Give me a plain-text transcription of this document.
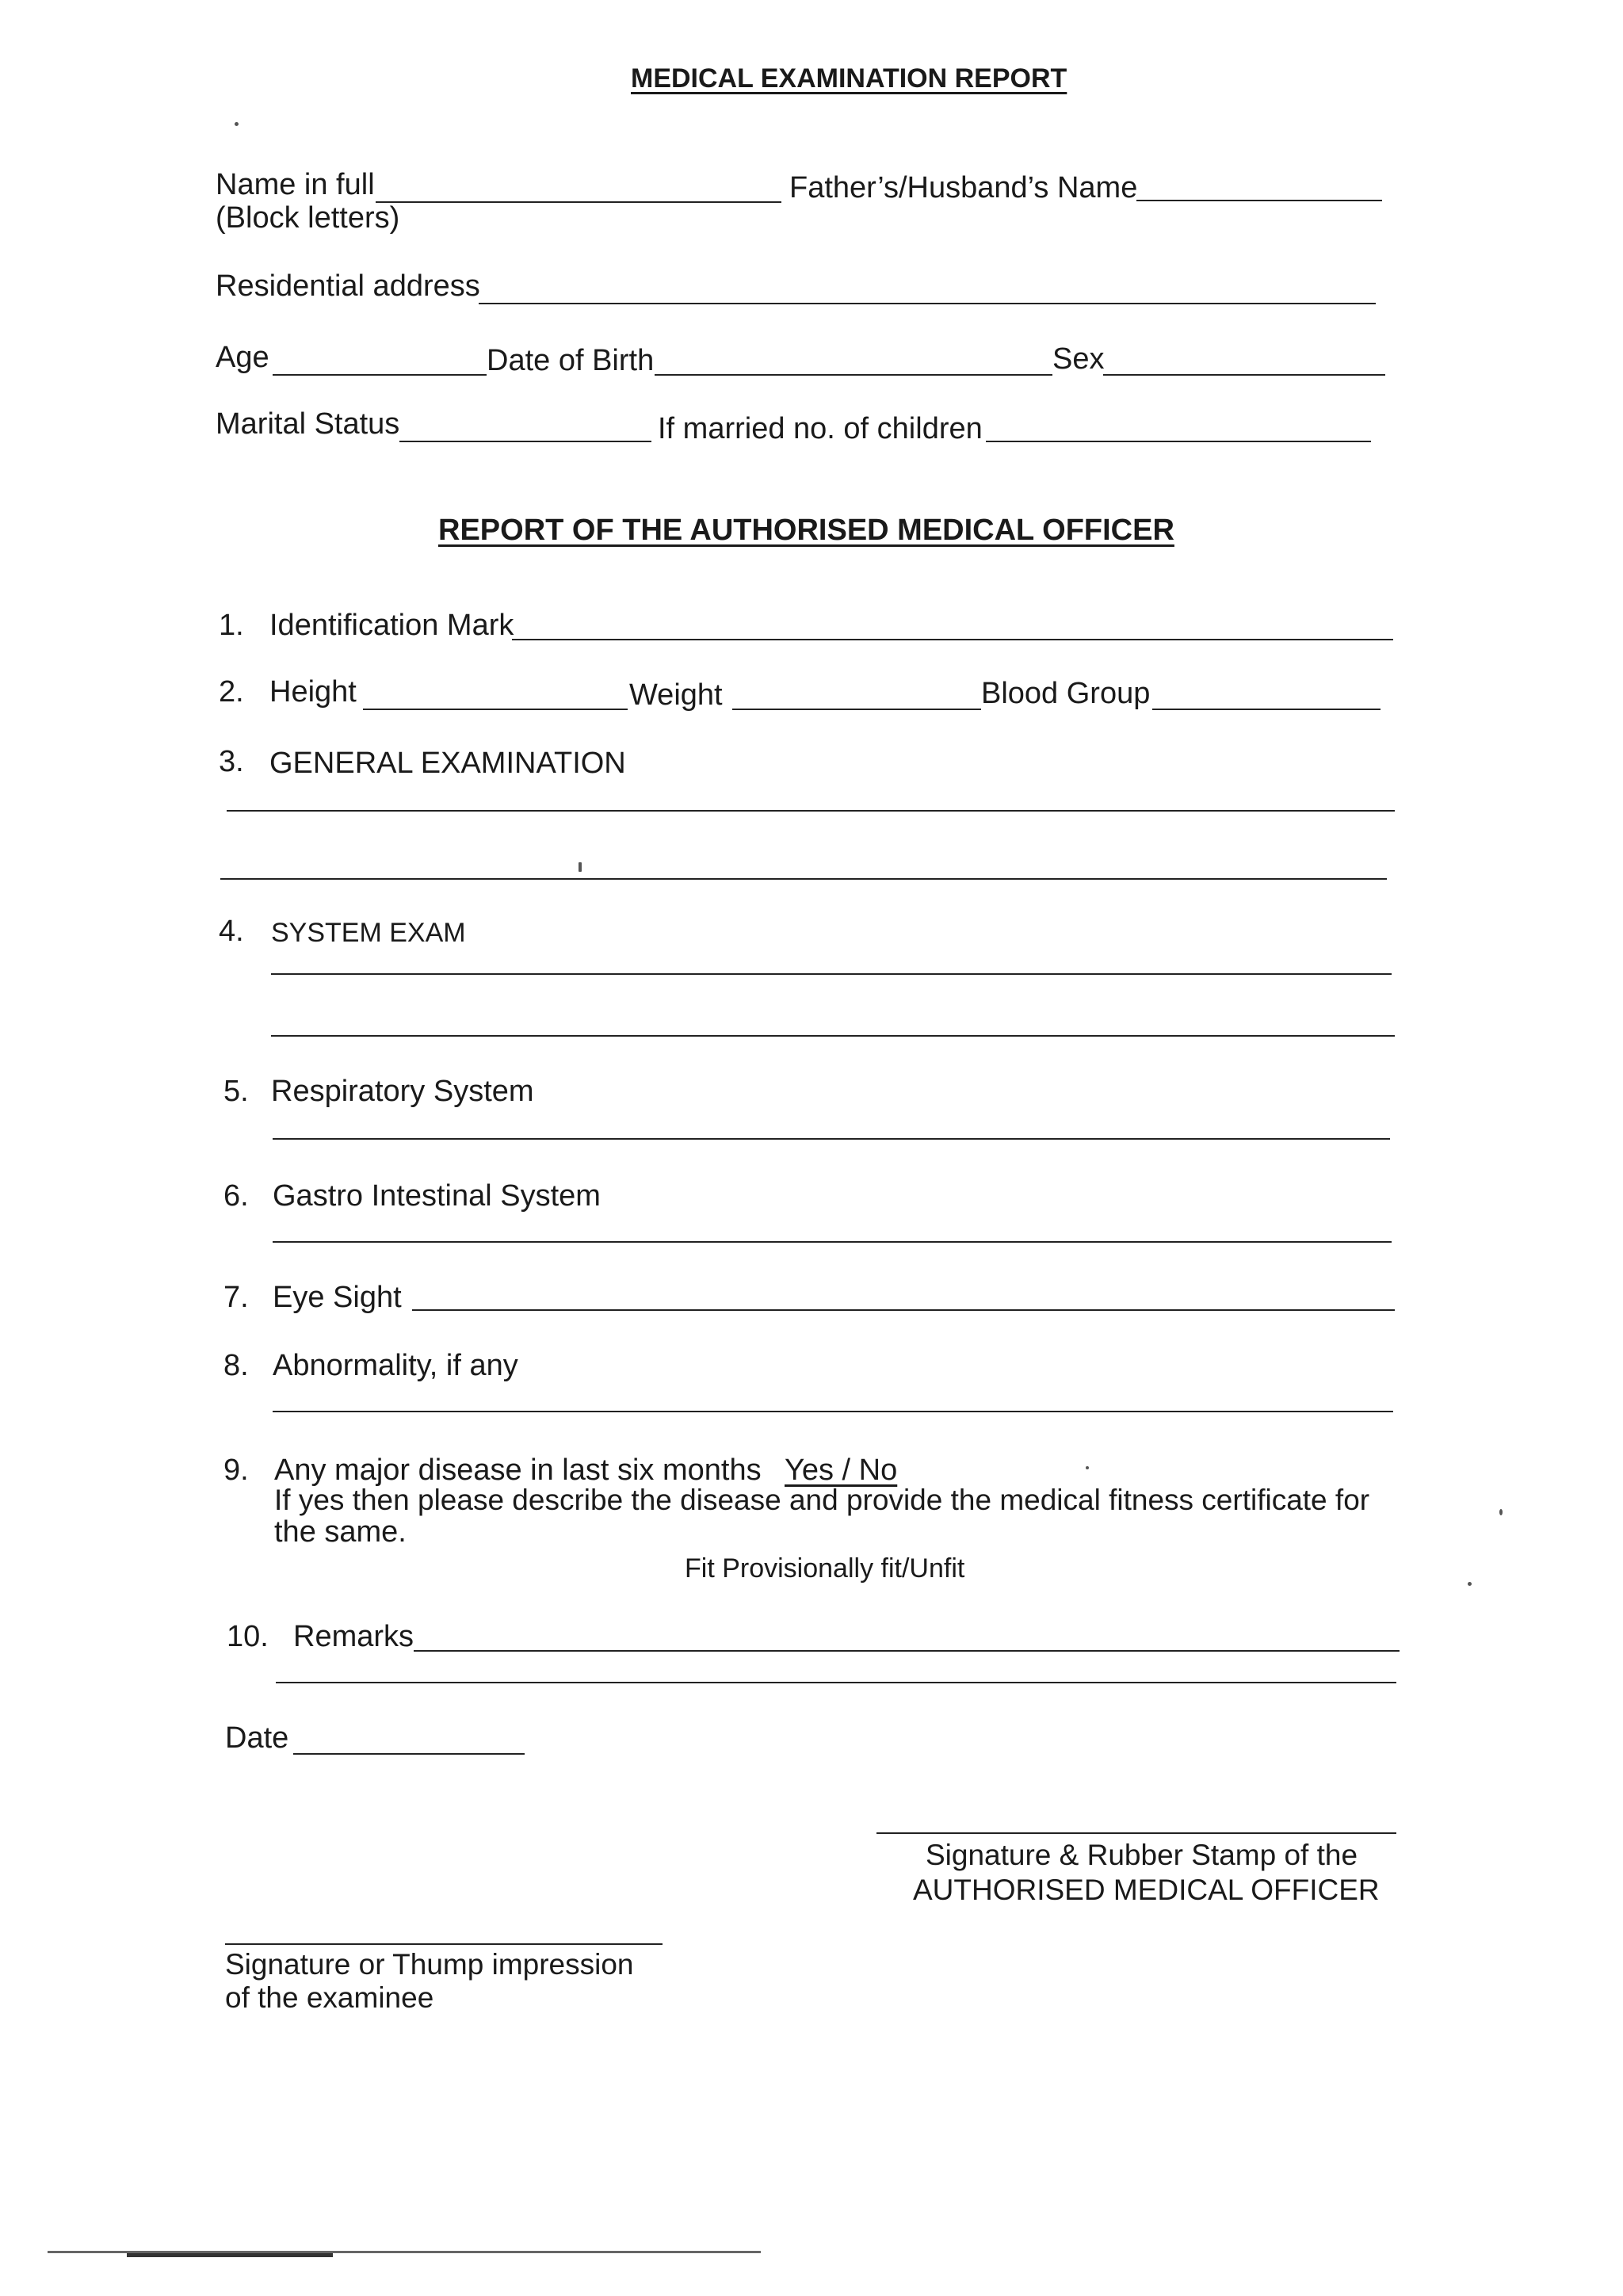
MEDICAL EXAMINATION REPORT
Name in full	Father’s/Husband’s Name
(Block letters)
Residential address
Age	Date of Birth	Sex
Marital Status	If married no. of children
REPORT OF THE AUTHORISED MEDICAL OFFICER
1. Identification Mark
2. Height	Weight	Blood Group
3. GENERAL EXAMINATION
4. SYSTEM EXAM
5. Respiratory System
6. Gastro Intestinal System
7. Eye Sight
8. Abnormality, if any
9. Any major disease in last six months Yes / No
If yes then please describe the disease and provide the medical fitness certificate for
the same.
Fit Provisionally fit/Unfit
10. Remarks
Date
Signature & Rubber Stamp of the
AUTHORISED MEDICAL OFFICER
Signature or Thump impression
of the examinee
